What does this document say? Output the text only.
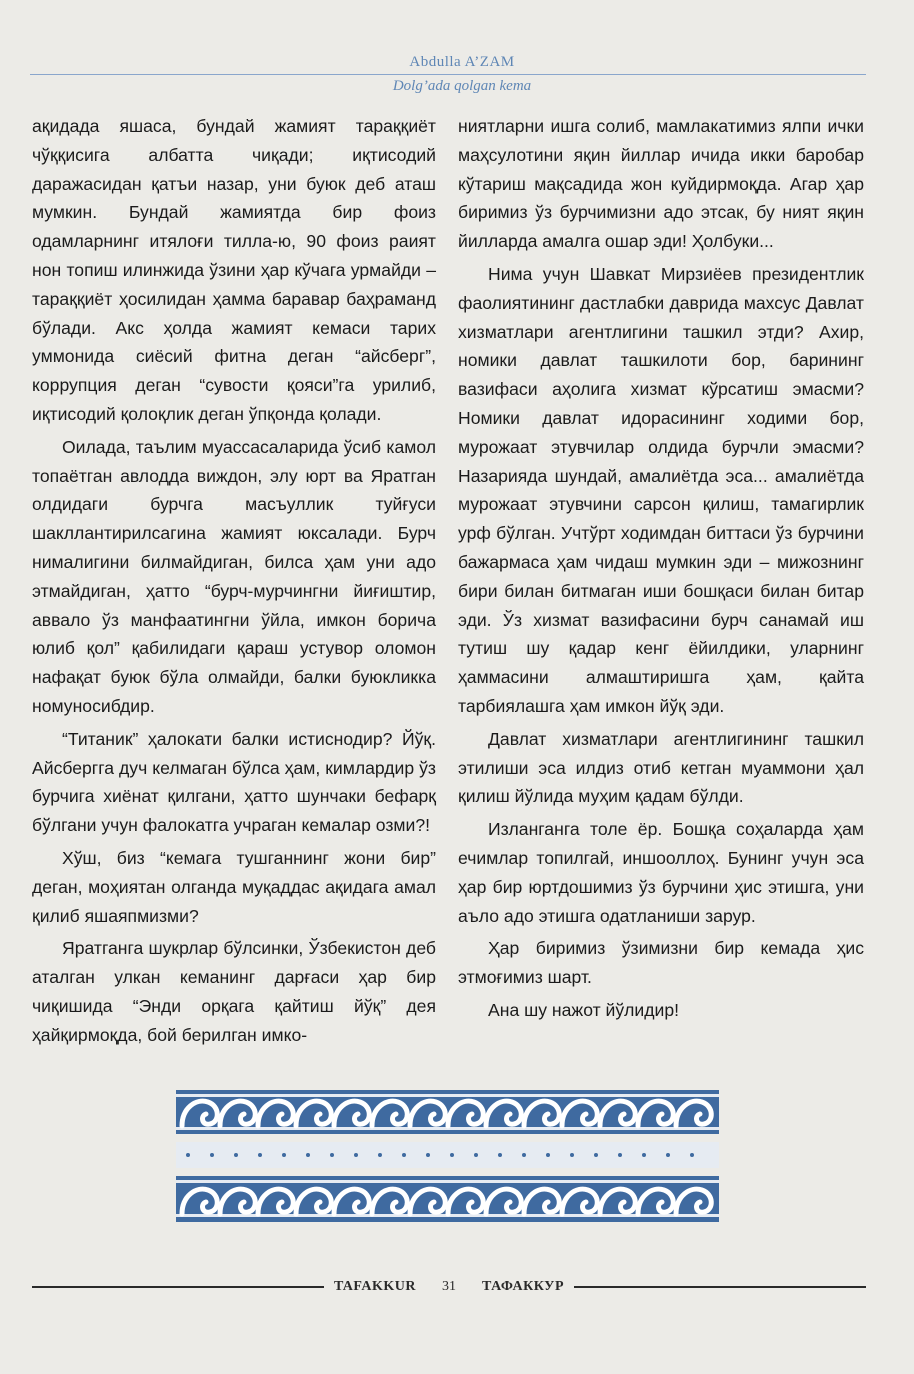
Abdulla A’ZAM
Dolg’ada qolgan kema

ақидада яшаса, бундай жамият тараққиёт чўққисига албатта чиқади; иқтисодий даражасидан қатъи назар, уни буюк деб аташ мумкин. Бундай жамиятда бир фоиз одамларнинг итялоғи тилла-ю, 90 фоиз раият нон топиш илинжида ўзини ҳар кўчага урмайди – тараққиёт ҳосилидан ҳамма баравар баҳраманд бўлади. Акс ҳолда жамият кемаси тарих уммонида сиёсий фитна деган “айсберг”, коррупция деган “сувости қояси”га урилиб, иқтисодий қолоқлик деган ўпқонда қолади.

Оилада, таълим муассасаларида ўсиб камол топаётган авлодда виждон, элу юрт ва Яратган олдидаги бурчга масъуллик туйғуси шакллантирилсагина жамият юксалади. Бурч нималигини билмайдиган, билса ҳам уни адо этмайдиган, ҳатто “бурч-мурчингни йиғиштир, аввало ўз манфаатингни ўйла, имкон борича юлиб қол” қабилидаги қараш устувор оломон нафақат буюк бўла олмайди, балки буюкликка номуносибдир.

“Титаник” ҳалокати балки истиснодир? Йўқ. Айсбергга дуч келмаган бўлса ҳам, кимлардир ўз бурчига хиёнат қилгани, ҳатто шунчаки бефарқ бўлгани учун фалокатга учраган кемалар озми?!

Хўш, биз “кемага тушганнинг жони бир” деган, моҳиятан олганда муқаддас ақидага амал қилиб яшаяпмизми?

Яратганга шукрлар бўлсинки, Ўзбекистон деб аталган улкан кеманинг дарғаси ҳар бир чиқишида “Энди орқага қайтиш йўқ” дея ҳайқирмоқда, бой берилган имко-

ниятларни ишга солиб, мамлакатимиз ялпи ички маҳсулотини яқин йиллар ичида икки баробар кўтариш мақсадида жон куйдирмоқда. Агар ҳар биримиз ўз бурчимизни адо этсак, бу ният яқин йилларда амалга ошар эди! Ҳолбуки...

Нима учун Шавкат Мирзиёев президентлик фаолиятининг дастлабки даврида махсус Давлат хизматлари агентлигини ташкил этди? Ахир, номики давлат ташкилоти бор, барининг вазифаси аҳолига хизмат кўрсатиш эмасми? Номики давлат идорасининг ходими бор, мурожаат этувчилар олдида бурчли эмасми? Назарияда шундай, амалиётда эса... амалиётда мурожаат этувчини сарсон қилиш, тамагирлик урф бўлган. Учтўрт ходимдан биттаси ўз бурчини бажармаса ҳам чидаш мумкин эди – мижознинг бири билан битмаган иши бошқаси билан битар эди. Ўз хизмат вазифасини бурч санамай иш тутиш шу қадар кенг ёйилдики, уларнинг ҳаммасини алмаштиришга ҳам, қайта тарбиялашга ҳам имкон йўқ эди.

Давлат хизматлари агентлигининг ташкил этилиши эса илдиз отиб кетган муаммони ҳал қилиш йўлида муҳим қадам бўлди.

Изланганга толе ёр. Бошқа соҳаларда ҳам ечимлар топилгай, иншооллоҳ. Бунинг учун эса ҳар бир юртдошимиз ўз бурчини ҳис этишга, уни аъло адо этишга одатланиши зарур.

Ҳар биримиз ўзимизни бир кемада ҳис этмоғимиз шарт.

Ана шу нажот йўлидир!

TAFAKKUR	31	ТАФАККУР
